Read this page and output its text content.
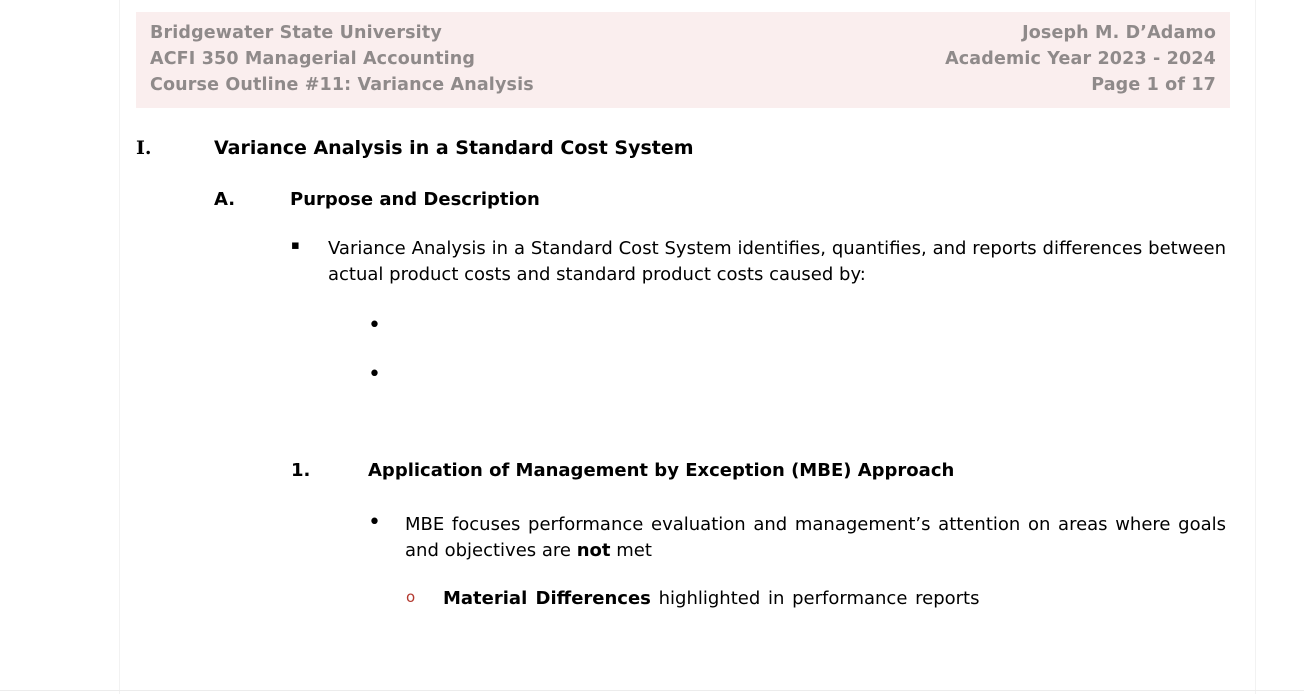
Bridgewater State University	Joseph M. D’Adamo
ACFI 350 Managerial Accounting	Academic Year 2023 - 2024
Course Outline #11: Variance Analysis	Page 1 of 17
I.	Variance Analysis in a Standard Cost System
A.	Purpose and Description
▪ Variance Analysis in a Standard Cost System identifies, quantifies, and reports differences between actual product costs and standard product costs caused by:
•
•
1.	Application of Management by Exception (MBE) Approach
• MBE focuses performance evaluation and management’s attention on areas where goals and objectives are not met
o Material Differences highlighted in performance reports
